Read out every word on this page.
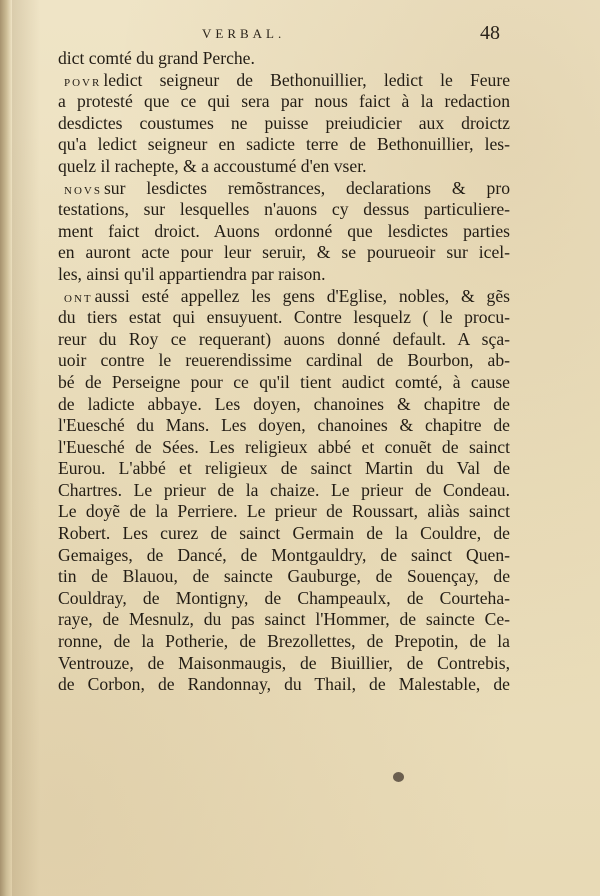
VERBAL.	48
dict comté du grand Perche.
POVR ledict seigneur de Bethonuillier, ledict le Feure
a protesté que ce qui sera par nous faict à la redaction
desdictes coustumes ne puisse preiudicier aux droictz
qu'a ledict seigneur en sadicte terre de Bethonuillier, les-
quelz il rachepte, & a accoustumé d'en vser.
NOVS sur lesdictes remõstrances, declarations & pro
testations, sur lesquelles n'auons cy dessus particuliere-
ment faict droict. Auons ordonné que lesdictes parties
en auront acte pour leur seruir, & se pourueoir sur icel-
les, ainsi qu'il appartiendra par raison.
ONT aussi esté appellez les gens d'Eglise, nobles, & gẽs
du tiers estat qui ensuyuent. Contre lesquelz ( le procu-
reur du Roy ce requerant) auons donné default. A sça-
uoir contre le reuerendissime cardinal de Bourbon, ab-
bé de Perseigne pour ce qu'il tient audict comté, à cause
de ladicte abbaye. Les doyen, chanoines & chapitre de
l'Euesché du Mans. Les doyen, chanoines & chapitre de
l'Euesché de Sées. Les religieux abbé et conuẽt de sainct
Eurou. L'abbé et religieux de sainct Martin du Val de
Chartres. Le prieur de la chaize. Le prieur de Condeau.
Le doyẽ de la Perriere. Le prieur de Roussart, aliàs sainct
Robert. Les curez de sainct Germain de la Couldre, de
Gemaiges, de Dancé, de Montgauldry, de sainct Quen-
tin de Blauou, de saincte Gauburge, de Souençay, de
Couldray, de Montigny, de Champeaulx, de Courteha-
raye, de Mesnulz, du pas sainct l'Hommer, de saincte Ce-
ronne, de la Potherie, de Brezollettes, de Prepotin, de la
Ventrouze, de Maisonmaugis, de Biuillier, de Contrebis,
de Corbon, de Randonnay, du Thail, de Malestable, de
